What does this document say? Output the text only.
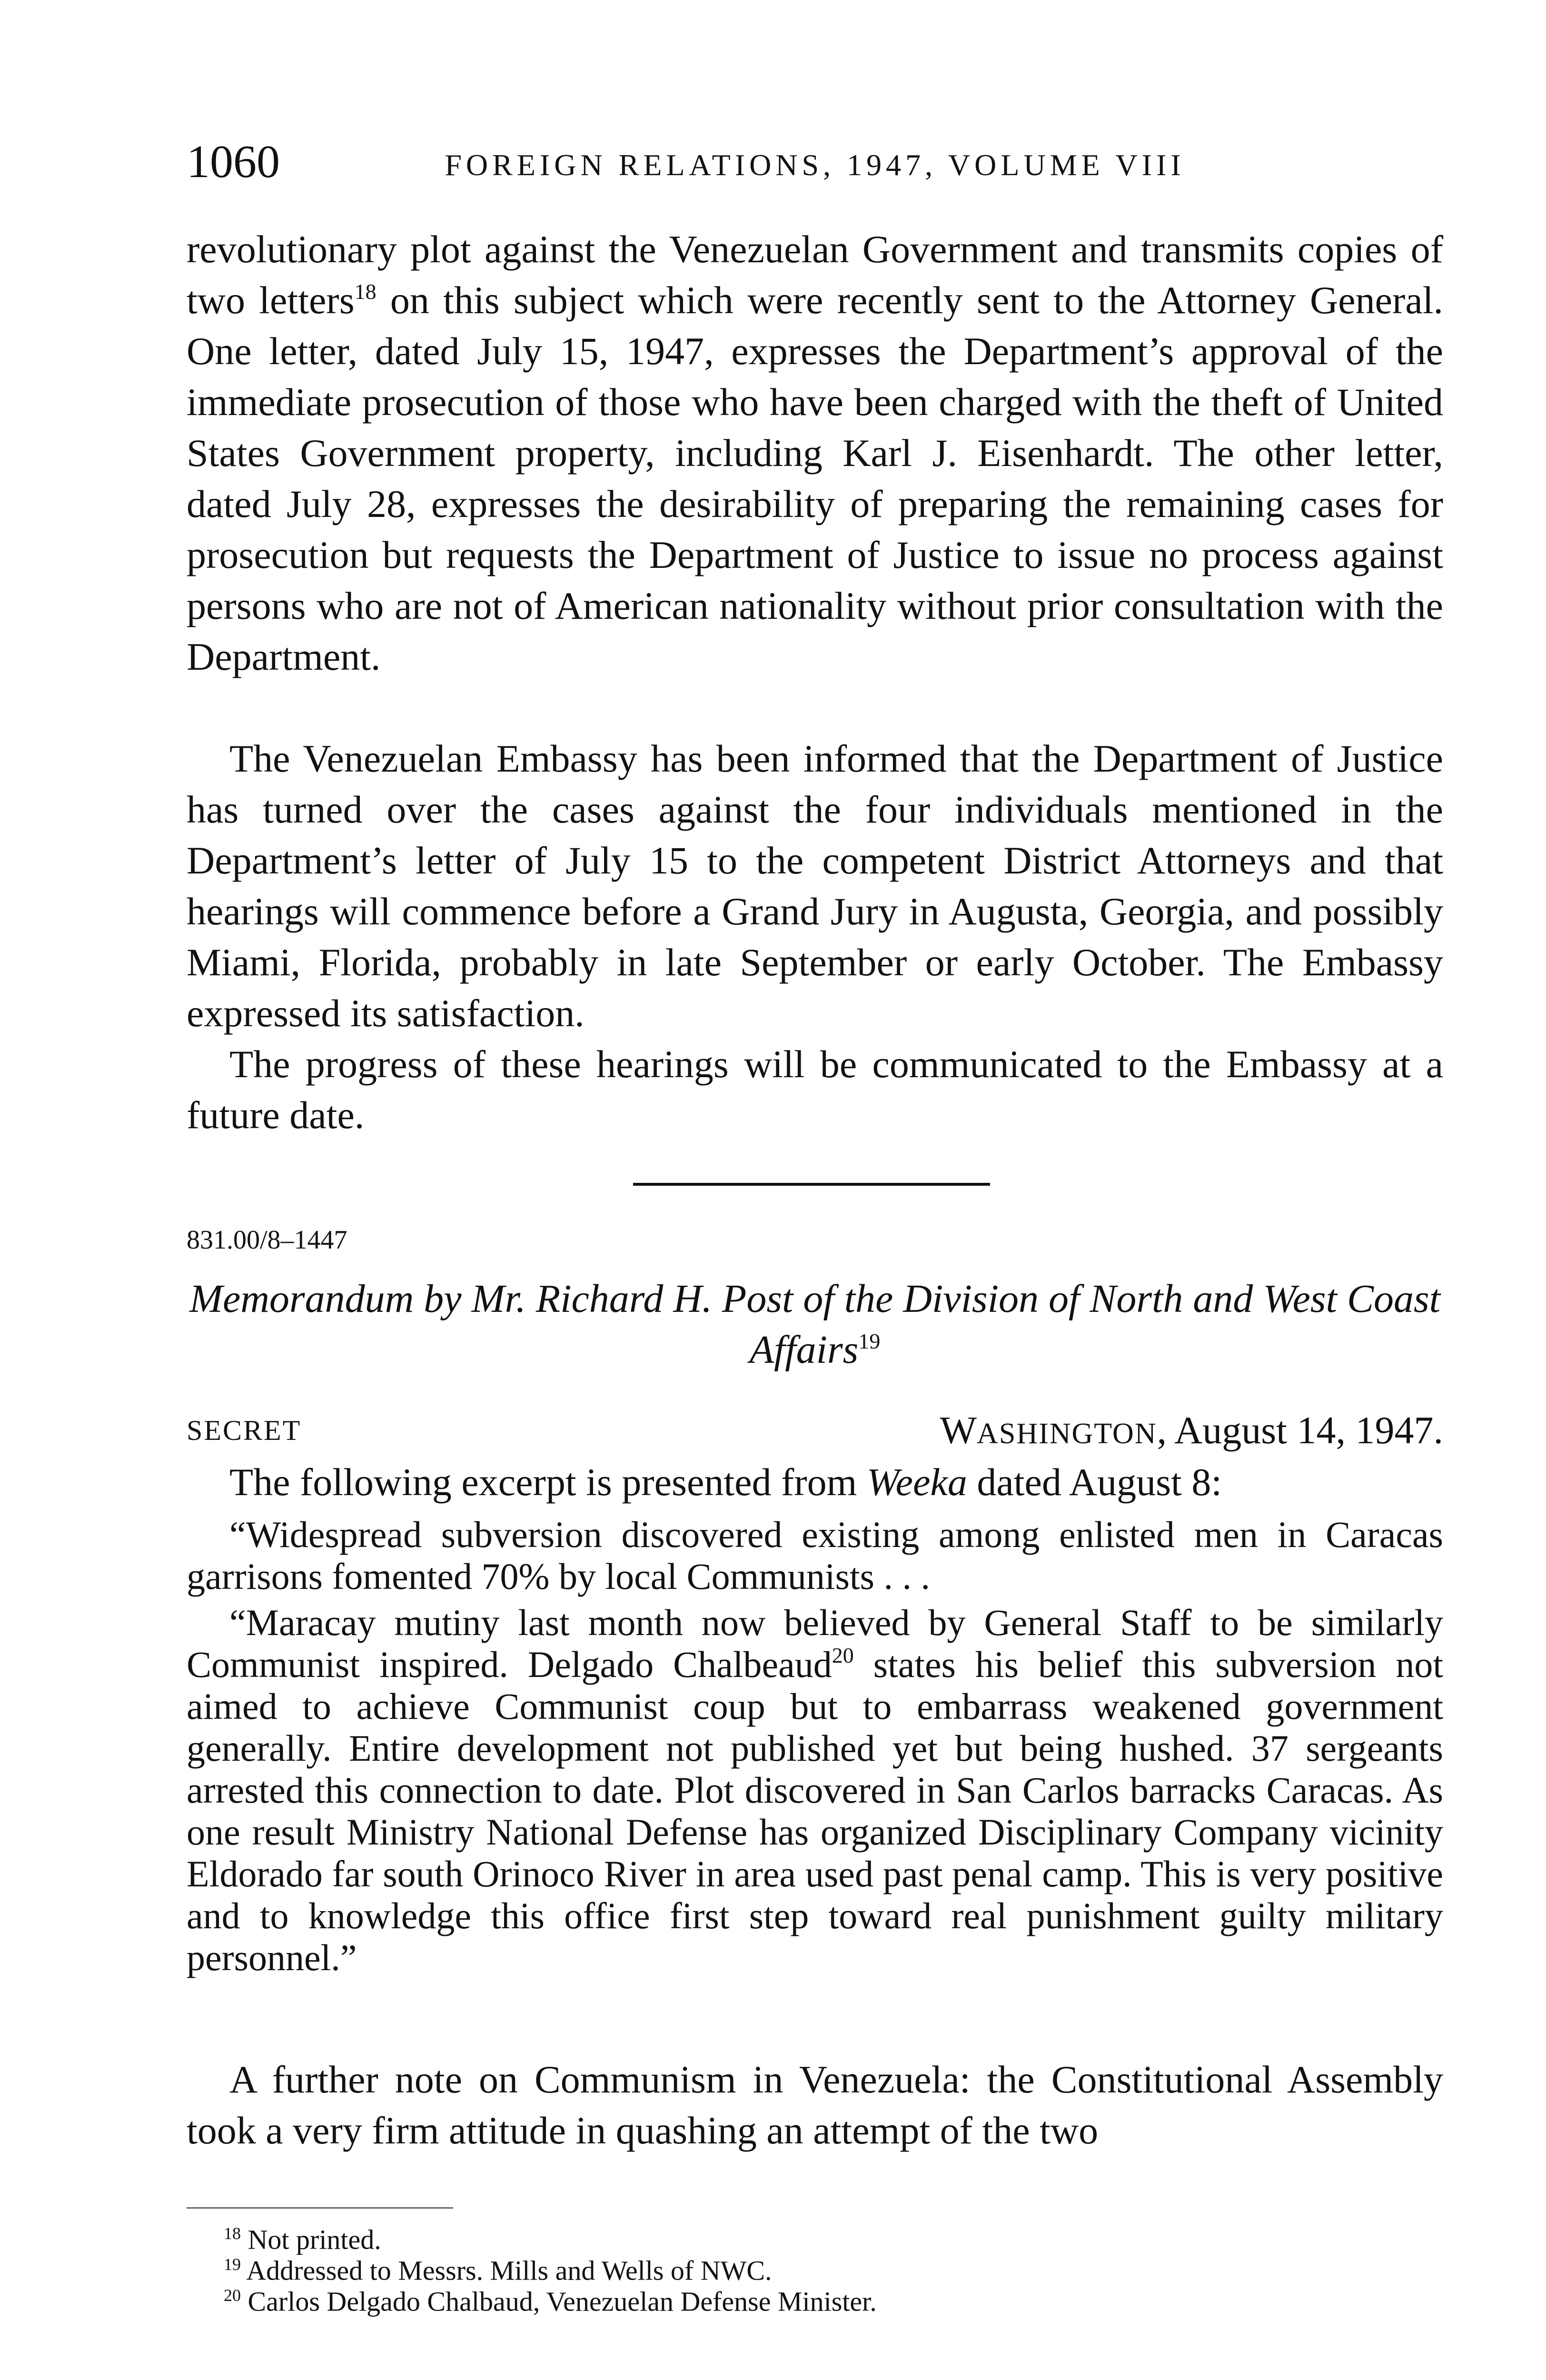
1060	FOREIGN RELATIONS, 1947, VOLUME VIII

revolutionary plot against the Venezuelan Government and transmits copies of two letters$^{18}$ on this subject which were recently sent to the Attorney General. One letter, dated July 15, 1947, expresses the Department’s approval of the immediate prosecution of those who have been charged with the theft of United States Government property, including Karl J. Eisenhardt. The other letter, dated July 28, expresses the desirability of preparing the remaining cases for prosecution but requests the Department of Justice to issue no process against persons who are not of American nationality without prior consultation with the Department.

The Venezuelan Embassy has been informed that the Department of Justice has turned over the cases against the four individuals mentioned in the Department’s letter of July 15 to the competent District Attorneys and that hearings will commence before a Grand Jury in Augusta, Georgia, and possibly Miami, Florida, probably in late September or early October. The Embassy expressed its satisfaction.

The progress of these hearings will be communicated to the Embassy at a future date.

831.00/8–1447

Memorandum by Mr. Richard H. Post of the Division of North and West Coast Affairs$^{19}$

SECRET	WASHINGTON, August 14, 1947.

The following excerpt is presented from Weeka dated August 8:

“Widespread subversion discovered existing among enlisted men in Caracas garrisons fomented 70% by local Communists . . .

“Maracay mutiny last month now believed by General Staff to be similarly Communist inspired. Delgado Chalbeaud$^{20}$ states his belief this subversion not aimed to achieve Communist coup but to embarrass weakened government generally. Entire development not published yet but being hushed. 37 sergeants arrested this connection to date. Plot discovered in San Carlos barracks Caracas. As one result Ministry National Defense has organized Disciplinary Company vicinity Eldorado far south Orinoco River in area used past penal camp. This is very positive and to knowledge this office first step toward real punishment guilty military personnel.”

A further note on Communism in Venezuela: the Constitutional Assembly took a very firm attitude in quashing an attempt of the two

$^{18}$ Not printed.
$^{19}$ Addressed to Messrs. Mills and Wells of NWC.
$^{20}$ Carlos Delgado Chalbaud, Venezuelan Defense Minister.
